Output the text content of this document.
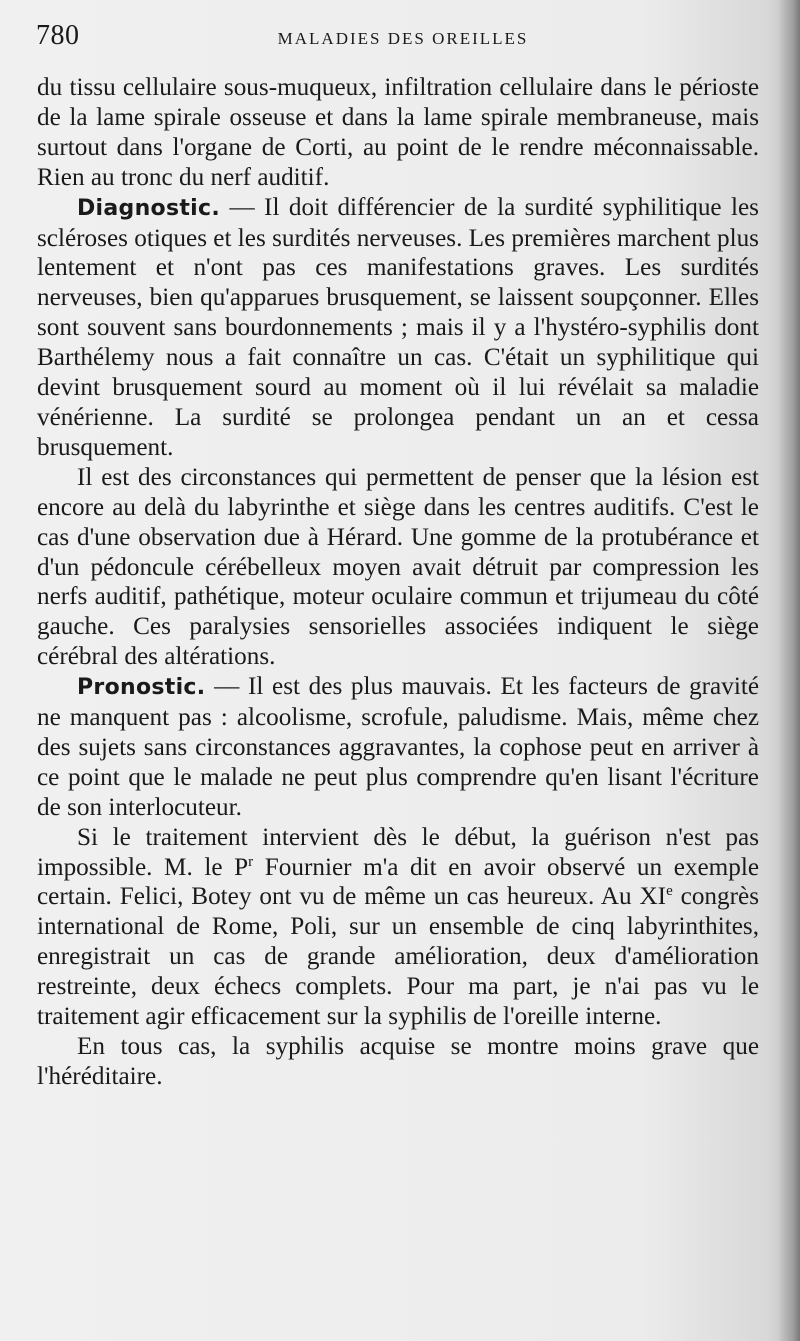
780	MALADIES DES OREILLES

du tissu cellulaire sous-muqueux, infiltration cellulaire dans le périoste de la lame spirale osseuse et dans la lame spirale membraneuse, mais surtout dans l'organe de Corti, au point de le rendre méconnaissable. Rien au tronc du nerf auditif.

Diagnostic. — Il doit différencier de la surdité syphilitique les scléroses otiques et les surdités nerveuses. Les premières marchent plus lentement et n'ont pas ces manifestations graves. Les surdités nerveuses, bien qu'apparues brusquement, se laissent soupçonner. Elles sont souvent sans bourdonnements ; mais il y a l'hystéro-syphilis dont Barthélemy nous a fait connaître un cas. C'était un syphilitique qui devint brusquement sourd au moment où il lui révélait sa maladie vénérienne. La surdité se prolongea pendant un an et cessa brusquement.

Il est des circonstances qui permettent de penser que la lésion est encore au delà du labyrinthe et siège dans les centres auditifs. C'est le cas d'une observation due à Hérard. Une gomme de la protubérance et d'un pédoncule cérébelleux moyen avait détruit par compression les nerfs auditif, pathétique, moteur oculaire commun et trijumeau du côté gauche. Ces paralysies sensorielles associées indiquent le siège cérébral des altérations.

Pronostic. — Il est des plus mauvais. Et les facteurs de gravité ne manquent pas : alcoolisme, scrofule, paludisme. Mais, même chez des sujets sans circonstances aggravantes, la cophose peut en arriver à ce point que le malade ne peut plus comprendre qu'en lisant l'écriture de son interlocuteur.

Si le traitement intervient dès le début, la guérison n'est pas impossible. M. le $P^r$ Fournier m'a dit en avoir observé un exemple certain. Felici, Botey ont vu de même un cas heureux. Au XIe congrès international de Rome, Poli, sur un ensemble de cinq labyrinthites, enregistrait un cas de grande amélioration, deux d'amélioration restreinte, deux échecs complets. Pour ma part, je n'ai pas vu le traitement agir efficacement sur la syphilis de l'oreille interne.

En tous cas, la syphilis acquise se montre moins grave que l'héréditaire.
